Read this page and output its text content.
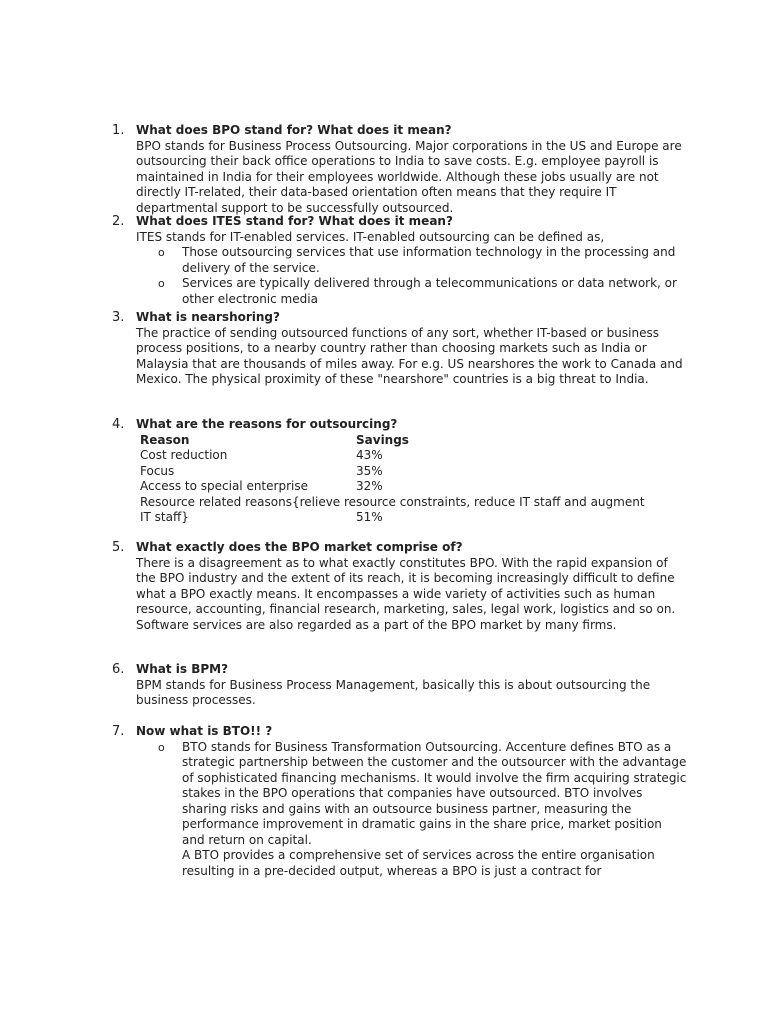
1. What does BPO stand for? What does it mean?

BPO stands for Business Process Outsourcing. Major corporations in the US and Europe are outsourcing their back office operations to India to save costs. E.g. employee payroll is maintained in India for their employees worldwide. Although these jobs usually are not directly IT-related, their data-based orientation often means that they require IT departmental support to be successfully outsourced.

2. What does ITES stand for? What does it mean?

ITES stands for IT-enabled services. IT-enabled outsourcing can be defined as,

o Those outsourcing services that use information technology in the processing and delivery of the service.
o Services are typically delivered through a telecommunications or data network, or other electronic media
3. What is nearshoring?

The practice of sending outsourced functions of any sort, whether IT-based or business process positions, to a nearby country rather than choosing markets such as India or Malaysia that are thousands of miles away. For e.g. US nearshores the work to Canada and Mexico. The physical proximity of these "nearshore" countries is a big threat to India.

4. What are the reasons for outsourcing?
Reason	Savings
Cost reduction	43%
Focus	35%
Access to special enterprise	32%
Resource related reasons{relieve resource constraints, reduce IT staff and augment
IT staff}	51%
5. What exactly does the BPO market comprise of?

There is a disagreement as to what exactly constitutes BPO. With the rapid expansion of the BPO industry and the extent of its reach, it is becoming increasingly difficult to define what a BPO exactly means. It encompasses a wide variety of activities such as human resource, accounting, financial research, marketing, sales, legal work, logistics and so on. Software services are also regarded as a part of the BPO market by many firms.

6. What is BPM?

BPM stands for Business Process Management, basically this is about outsourcing the business processes.

7. Now what is BTO!! ?
o BTO stands for Business Transformation Outsourcing. Accenture defines BTO as a strategic partnership between the customer and the outsourcer with the advantage of sophisticated financing mechanisms. It would involve the firm acquiring strategic stakes in the BPO operations that companies have outsourced. BTO involves sharing risks and gains with an outsource business partner, measuring the performance improvement in dramatic gains in the share price, market position and return on capital.
A BTO provides a comprehensive set of services across the entire organisation resulting in a pre-decided output, whereas a BPO is just a contract for
